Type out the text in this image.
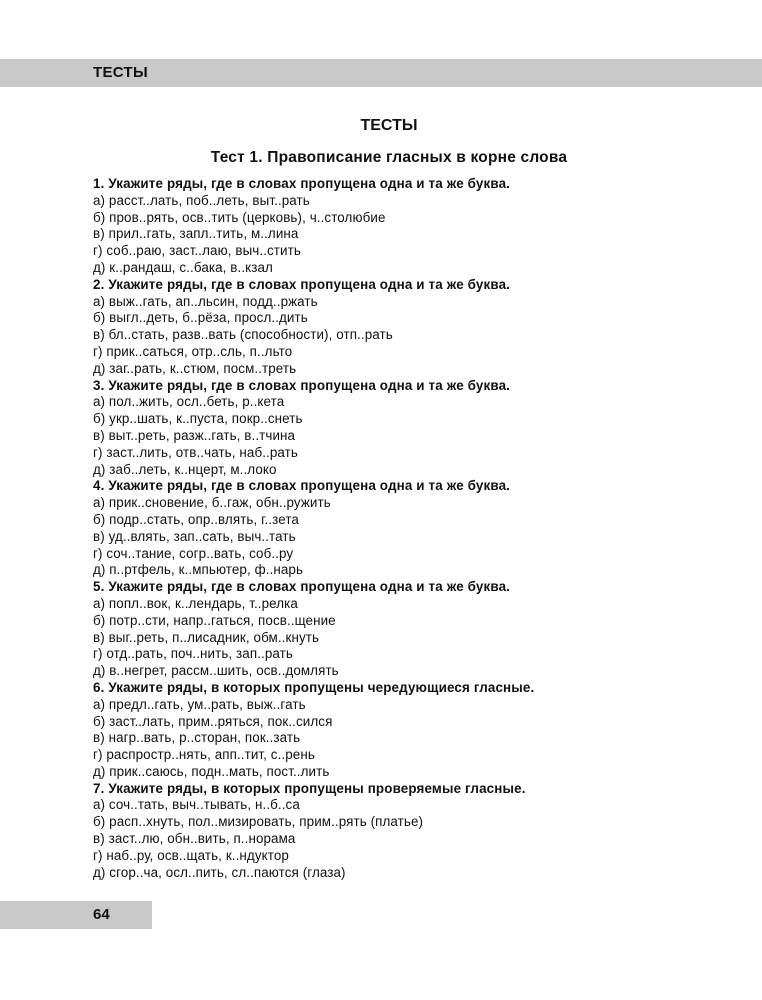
ТЕСТЫ
ТЕСТЫ
Тест 1. Правописание гласных в корне слова
1. Укажите ряды, где в словах пропущена одна и та же буква.
а) расст..лать, поб..леть, выт..рать
б) пров..рять, осв..тить (церковь), ч..столюбие
в) прил..гать, запл..тить, м..лина
г) соб..раю, заст..лаю, выч..стить
д) к..рандаш, с..бака, в..кзал
2. Укажите ряды, где в словах пропущена одна и та же буква.
а) выж..гать, ап..льсин, подд..ржать
б) выгл..деть, б..рёза, просл..дить
в) бл..стать, разв..вать (способности), отп..рать
г) прик..саться, отр..сль, п..льто
д) заг..рать, к..стюм, посм..треть
3. Укажите ряды, где в словах пропущена одна и та же буква.
а) пол..жить, осл..беть, р..кета
б) укр..шать, к..пуста, покр..снеть
в) выт..реть, разж..гать, в..тчина
г) заст..лить, отв..чать, наб..рать
д) заб..леть, к..нцерт, м..локо
4. Укажите ряды, где в словах пропущена одна и та же буква.
а) прик..сновение, б..гаж, обн..ружить
б) подр..стать, опр..влять, г..зета
в) уд..влять, зап..сать, выч..тать
г) соч..тание, согр..вать, соб..ру
д) п..ртфель, к..мпьютер, ф..нарь
5. Укажите ряды, где в словах пропущена одна и та же буква.
а) попл..вок, к..лендарь, т..релка
б) потр..сти, напр..гаться, посв..щение
в) выг..реть, п..лисадник, обм..кнуть
г) отд..рать, поч..нить, зап..рать
д) в..негрет, рассм..шить, осв..домлять
6. Укажите ряды, в которых пропущены чередующиеся гласные.
а) предл..гать, ум..рать, выж..гать
б) заст..лать, прим..ряться, пок..сился
в) нагр..вать, р..сторан, пок..зать
г) распростр..нять, апп..тит, с..рень
д) прик..саюсь, подн..мать, пост..лить
7. Укажите ряды, в которых пропущены проверяемые гласные.
а) соч..тать, выч..тывать, н..б..са
б) расп..хнуть, пол..мизировать, прим..рять (платье)
в) заст..лю, обн..вить, п..норама
г) наб..ру, осв..щать, к..ндуктор
д) сгор..ча, осл..пить, сл..паются (глаза)
64
